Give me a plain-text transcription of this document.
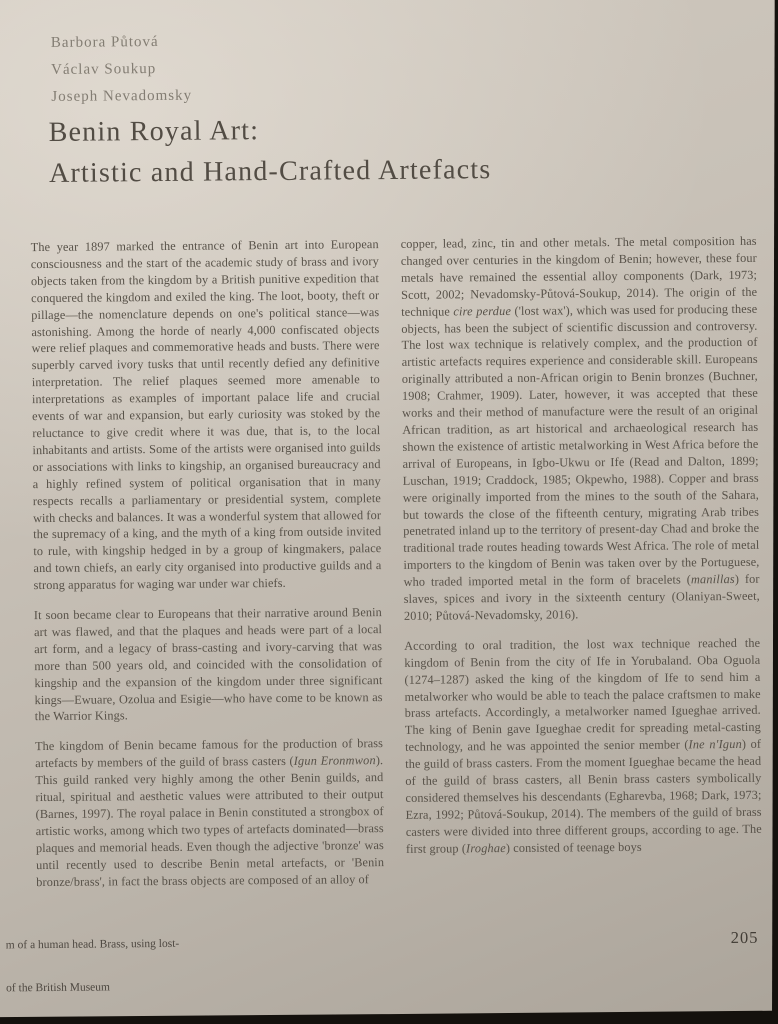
Barbora Půtová
Václav Soukup
Joseph Nevadomsky
Benin Royal Art:
Artistic and Hand-Crafted Artefacts

The year 1897 marked the entrance of Benin art into European consciousness and the start of the academic study of brass and ivory objects taken from the kingdom by a British punitive expedition that conquered the kingdom and exiled the king. The loot, booty, theft or pillage—the nomenclature depends on one's political stance—was astonishing. Among the horde of nearly 4,000 confiscated objects were relief plaques and commemorative heads and busts. There were superbly carved ivory tusks that until recently defied any definitive interpretation. The relief plaques seemed more amenable to interpretations as examples of important palace life and crucial events of war and expansion, but early curiosity was stoked by the reluctance to give credit where it was due, that is, to the local inhabitants and artists. Some of the artists were organised into guilds or associations with links to kingship, an organised bureaucracy and a highly refined system of political organisation that in many respects recalls a parliamentary or presidential system, complete with checks and balances. It was a wonderful system that allowed for the supremacy of a king, and the myth of a king from outside invited to rule, with kingship hedged in by a group of kingmakers, palace and town chiefs, an early city organised into productive guilds and a strong apparatus for waging war under war chiefs.

It soon became clear to Europeans that their narrative around Benin art was flawed, and that the plaques and heads were part of a local art form, and a legacy of brass-casting and ivory-carving that was more than 500 years old, and coincided with the consolidation of kingship and the expansion of the kingdom under three significant kings—Ewuare, Ozolua and Esigie—who have come to be known as the Warrior Kings.

The kingdom of Benin became famous for the production of brass artefacts by members of the guild of brass casters (Igun Eronmwon). This guild ranked very highly among the other Benin guilds, and ritual, spiritual and aesthetic values were attributed to their output (Barnes, 1997). The royal palace in Benin constituted a strongbox of artistic works, among which two types of artefacts dominated—brass plaques and memorial heads. Even though the adjective 'bronze' was until recently used to describe Benin metal artefacts, or 'Benin bronze/brass', in fact the brass objects are composed of an alloy of

copper, lead, zinc, tin and other metals. The metal composition has changed over centuries in the kingdom of Benin; however, these four metals have remained the essential alloy components (Dark, 1973; Scott, 2002; Nevadomsky-Půtová-Soukup, 2014). The origin of the technique cire perdue ('lost wax'), which was used for producing these objects, has been the subject of scientific discussion and controversy. The lost wax technique is relatively complex, and the production of artistic artefacts requires experience and considerable skill. Europeans originally attributed a non-African origin to Benin bronzes (Buchner, 1908; Crahmer, 1909). Later, however, it was accepted that these works and their method of manufacture were the result of an original African tradition, as art historical and archaeological research has shown the existence of artistic metalworking in West Africa before the arrival of Europeans, in Igbo-Ukwu or Ife (Read and Dalton, 1899; Luschan, 1919; Craddock, 1985; Okpewho, 1988). Copper and brass were originally imported from the mines to the south of the Sahara, but towards the close of the fifteenth century, migrating Arab tribes penetrated inland up to the territory of present-day Chad and broke the traditional trade routes heading towards West Africa. The role of metal importers to the kingdom of Benin was taken over by the Portuguese, who traded imported metal in the form of bracelets (manillas) for slaves, spices and ivory in the sixteenth century (Olaniyan-Sweet, 2010; Půtová-Nevadomsky, 2016).

According to oral tradition, the lost wax technique reached the kingdom of Benin from the city of Ife in Yorubaland. Oba Oguola (1274–1287) asked the king of the kingdom of Ife to send him a metalworker who would be able to teach the palace craftsmen to make brass artefacts. Accordingly, a metalworker named Igueghae arrived. The king of Benin gave Igueghae credit for spreading metal-casting technology, and he was appointed the senior member (Ine n'Igun) of the guild of brass casters. From the moment Igueghae became the head of the guild of brass casters, all Benin brass casters symbolically considered themselves his descendants (Egharevba, 1968; Dark, 1973; Ezra, 1992; Půtová-Soukup, 2014). The members of the guild of brass casters were divided into three different groups, according to age. The first group (Iroghae) consisted of teenage boys

m of a human head. Brass, using lost-
of the British Museum
205
